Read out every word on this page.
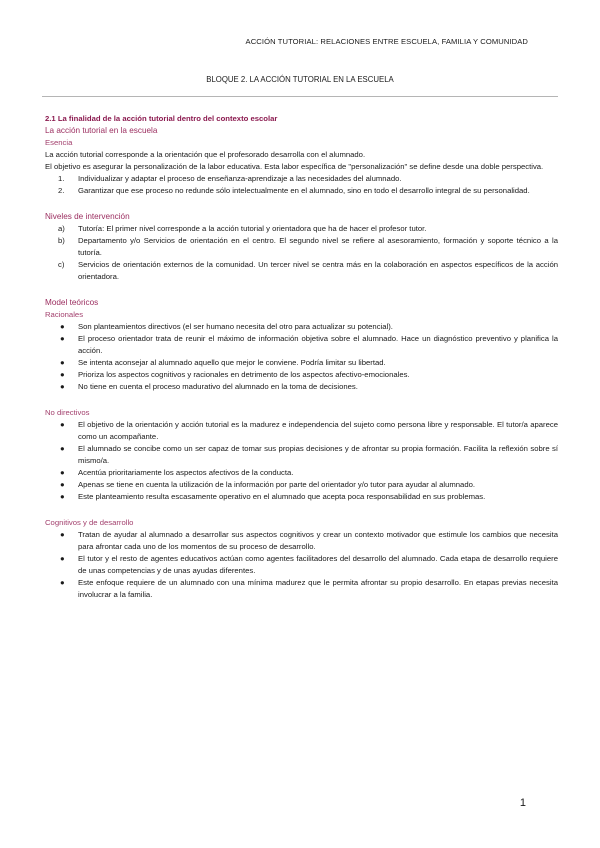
ACCIÓN TUTORIAL: RELACIONES ENTRE ESCUELA, FAMILIA Y COMUNIDAD
BLOQUE 2. LA ACCIÓN TUTORIAL EN LA ESCUELA

2.1 La finalidad de la acción tutorial dentro del contexto escolar

La acción tutorial en la escuela

Esencia

La acción tutorial corresponde a la orientación que el profesorado desarrolla con el alumnado.

El objetivo es asegurar la personalización de la labor educativa. Esta labor específica de "personalización" se define desde una doble perspectiva.

1. Individualizar y adaptar el proceso de enseñanza-aprendizaje a las necesidades del alumnado.
2. Garantizar que ese proceso no redunde sólo intelectualmente en el alumnado, sino en todo el desarrollo integral de su personalidad.

Niveles de intervención

a) Tutoría: El primer nivel corresponde a la acción tutorial y orientadora que ha de hacer el profesor tutor.
b) Departamento y/o Servicios de orientación en el centro. El segundo nivel se refiere al asesoramiento, formación y soporte técnico a la tutoría.
c) Servicios de orientación externos de la comunidad. Un tercer nivel se centra más en la colaboración en aspectos específicos de la acción orientadora.

Model teóricos

Racionales

● Son planteamientos directivos (el ser humano necesita del otro para actualizar su potencial).
● El proceso orientador trata de reunir el máximo de información objetiva sobre el alumnado. Hace un diagnóstico preventivo y planifica la acción.
● Se intenta aconsejar al alumnado aquello que mejor le conviene. Podría limitar su libertad.
● Prioriza los aspectos cognitivos y racionales en detrimento de los aspectos afectivo-emocionales.
● No tiene en cuenta el proceso madurativo del alumnado en la toma de decisiones.

No directivos

● El objetivo de la orientación y acción tutorial es la madurez e independencia del sujeto como persona libre y responsable. El tutor/a aparece como un acompañante.
● El alumnado se concibe como un ser capaz de tomar sus propias decisiones y de afrontar su propia formación. Facilita la reflexión sobre sí mismo/a.
● Acentúa prioritariamente los aspectos afectivos de la conducta.
● Apenas se tiene en cuenta la utilización de la información por parte del orientador y/o tutor para ayudar al alumnado.
● Este planteamiento resulta escasamente operativo en el alumnado que acepta poca responsabilidad en sus problemas.

Cognitivos y de desarrollo

● Tratan de ayudar al alumnado a desarrollar sus aspectos cognitivos y crear un contexto motivador que estimule los cambios que necesita para afrontar cada uno de los momentos de su proceso de desarrollo.
● El tutor y el resto de agentes educativos actúan como agentes facilitadores del desarrollo del alumnado. Cada etapa de desarrollo requiere de unas competencias y de unas ayudas diferentes.
● Este enfoque requiere de un alumnado con una mínima madurez que le permita afrontar su propio desarrollo. En etapas previas necesita involucrar a la familia.
1
